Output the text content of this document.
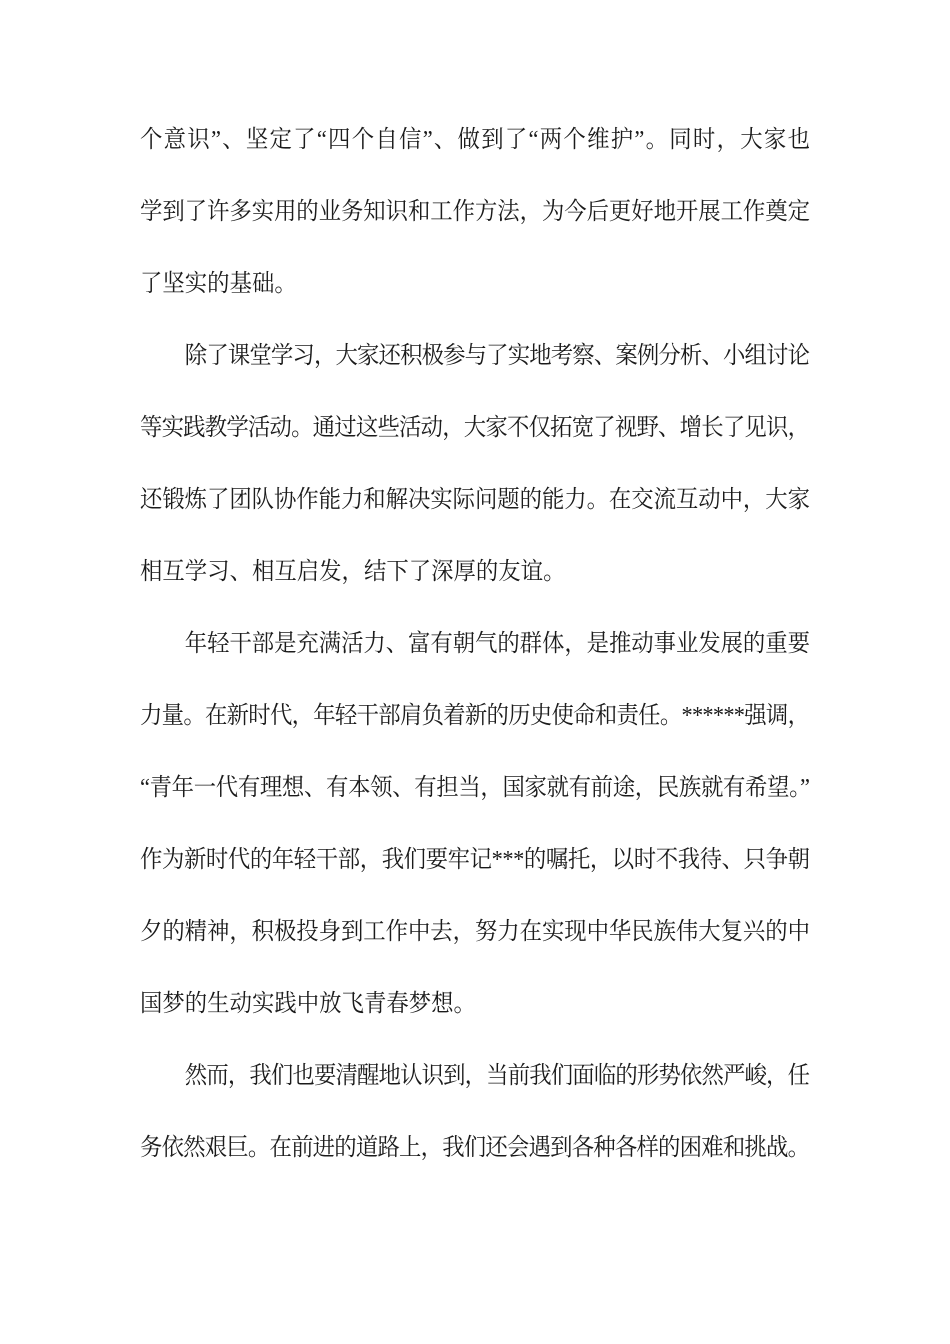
个意识”、坚定了“四个自信”、做到了“两个维护”。同时，大家也
学到了许多实用的业务知识和工作方法，为今后更好地开展工作奠定
了坚实的基础。
除了课堂学习，大家还积极参与了实地考察、案例分析、小组讨论
等实践教学活动。通过这些活动，大家不仅拓宽了视野、增长了见识，
还锻炼了团队协作能力和解决实际问题的能力。在交流互动中，大家
相互学习、相互启发，结下了深厚的友谊。
年轻干部是充满活力、富有朝气的群体，是推动事业发展的重要
力量。在新时代，年轻干部肩负着新的历史使命和责任。******强调，
“青年一代有理想、有本领、有担当，国家就有前途，民族就有希望。”
作为新时代的年轻干部，我们要牢记***的嘱托，以时不我待、只争朝
夕的精神，积极投身到工作中去，努力在实现中华民族伟大复兴的中
国梦的生动实践中放飞青春梦想。
然而，我们也要清醒地认识到，当前我们面临的形势依然严峻，任
务依然艰巨。在前进的道路上，我们还会遇到各种各样的困难和挑战。
